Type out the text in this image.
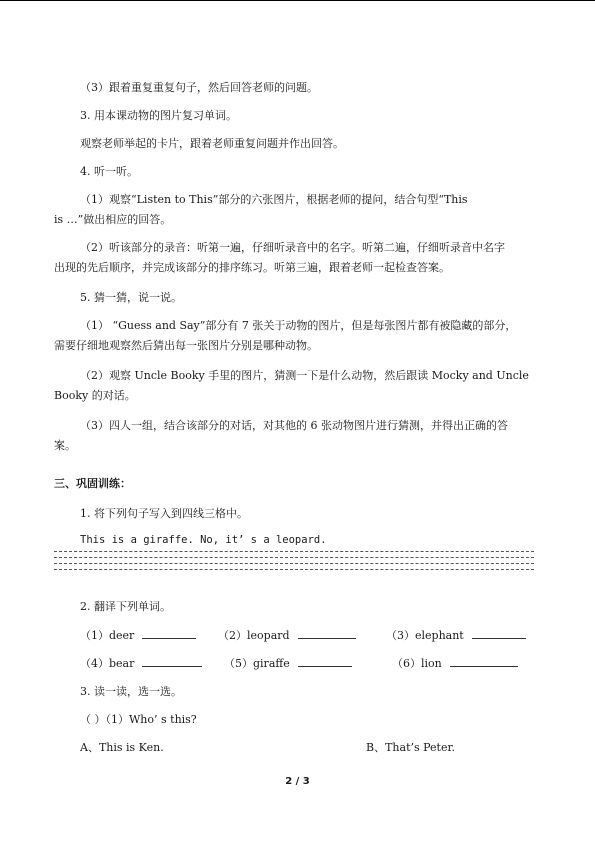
（3）跟着重复重复句子，然后回答老师的问题。
3. 用本课动物的图片复习单词。
观察老师举起的卡片，跟着老师重复问题并作出回答。
4. 听一听。
（1）观察“Listen to This”部分的六张图片，根据老师的提问，结合句型“This
is …”做出相应的回答。
（2）听该部分的录音：听第一遍，仔细听录音中的名字。听第二遍，仔细听录音中名字
出现的先后顺序，并完成该部分的排序练习。听第三遍，跟着老师一起检查答案。
5. 猜一猜，说一说。
（1） “Guess and Say”部分有 7 张关于动物的图片，但是每张图片都有被隐藏的部分，
需要仔细地观察然后猜出每一张图片分别是哪种动物。
（2）观察 Uncle Booky 手里的图片，猜测一下是什么动物，然后跟读 Mocky and Uncle
Booky 的对话。
（3）四人一组，结合该部分的对话，对其他的 6 张动物图片进行猜测，并得出正确的答
案。
三、巩固训练：
1. 将下列句子写入到四线三格中。
This is a giraffe. No, it’ s a leopard.
2. 翻译下列单词。
（1）deer	（2）leopard	（3）elephant
（4）bear	（5）giraffe	（6）lion
3. 读一读，选一选。
（ ）（1）Who’ s this?
A、This is Ken.	B、That’s Peter.
2 / 3
